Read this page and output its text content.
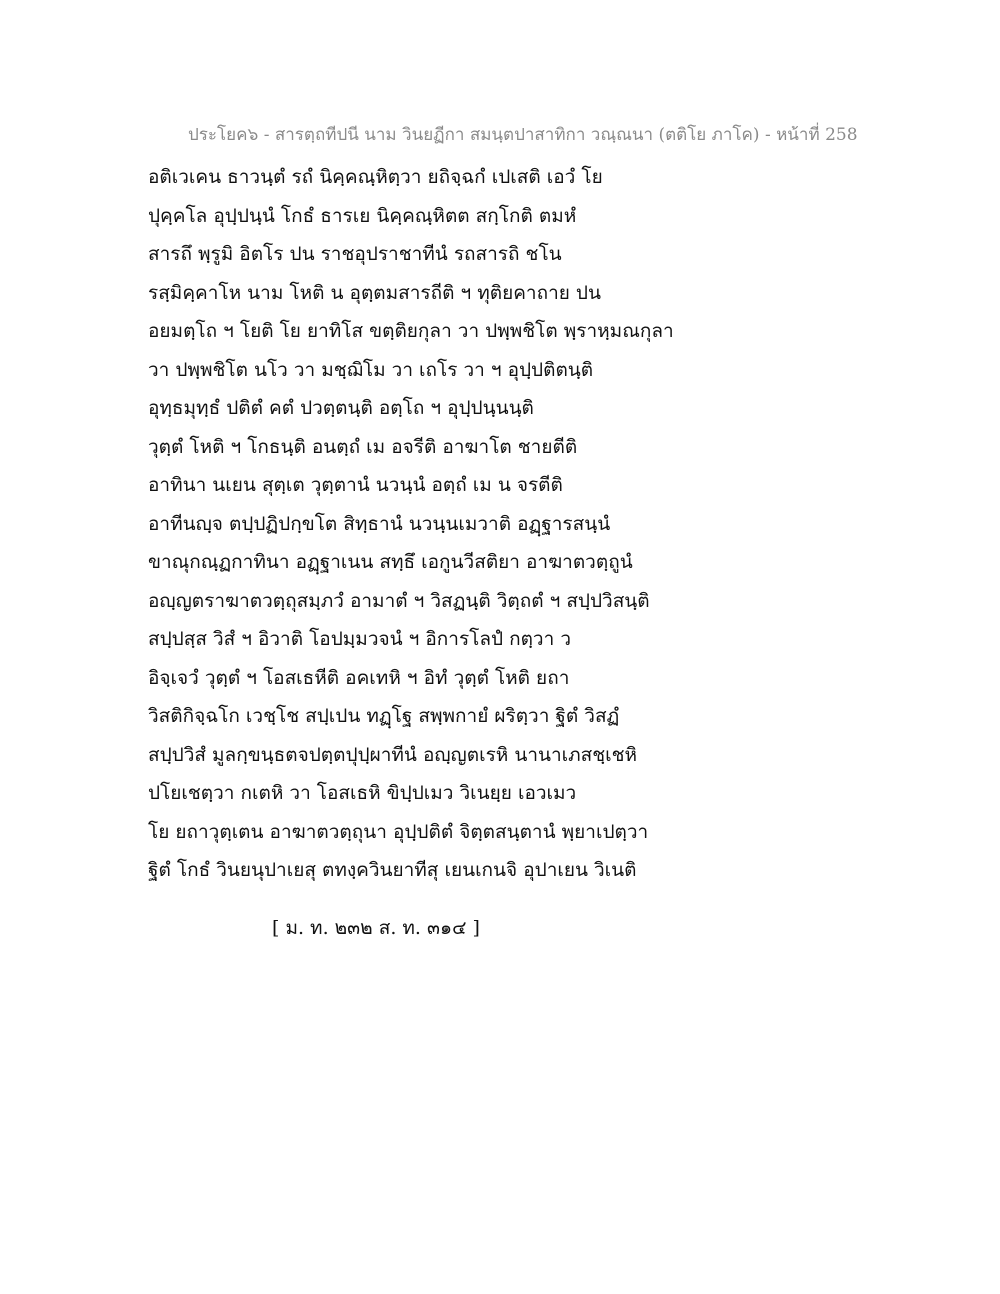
ประโยค๖ - สารตฺถทีปนี นาม วินยฏีกา สมนฺตปาสาทิกา วณฺณนา (ตติโย ภาโค) - หน้าที่ 258
อติเวเคน ธาวนฺตํ รถํ นิคฺคณฺหิตฺวา ยถิจฺฉกํ เปเสติ เอวํ โย
ปุคฺคโล อุปฺปนฺนํ โกธํ ธารเย นิคฺคณฺหิตต สกฺโกติ ตมหํ
สารถึ พฺรูมิ อิตโร ปน ราชอุปราชาทีนํ รถสารถิ ชโน
รสฺมิคฺคาโห นาม โหติ น อุตฺตมสารถีติ ฯ ทุติยคาถาย ปน
อยมตฺโถ ฯ โยติ โย ยาทิโส ขตฺติยกุลา วา ปพฺพชิโต พฺราหฺมณกุลา
วา ปพฺพชิโต นโว วา มชฺฌิโม วา เถโร วา ฯ อุปฺปติตนฺติ
อุทฺธมุทฺธํ ปติตํ คตํ ปวตฺตนฺติ อตฺโถ ฯ อุปฺปนฺนนฺติ
วุตฺตํ โหติ ฯ โกธนฺติ อนตฺถํ เม อจรีติ อาฆาโต ชายตีติ
อาทินา นเยน สุตฺเต วุตฺตานํ นวนฺนํ อตฺถํ เม น จรตีติ
อาทีนญฺจ ตปฺปฏิปกฺขโต สิทฺธานํ นวนฺนเมวาติ อฏฺฐารสนฺนํ
ขาณุกณฺฏกาทินา อฏฺฐาเนน สทฺธึ เอกูนวีสติยา อาฆาตวตฺถูนํ
อญฺญตราฆาตวตฺถุสมฺภวํ อามาตํ ฯ วิสฏนฺติ วิตฺถตํ ฯ สปฺปวิสนฺติ
สปฺปสฺส วิสํ ฯ อิวาติ โอปมฺมวจนํ ฯ อิการโลปํ กตฺวา ว
อิจฺเจวํ วุตฺตํ ฯ โอสเธหีติ อคเทหิ ฯ อิทํ วุตฺตํ โหติ ยถา
วิสติกิจฺฉโก เวชฺโช สปฺเปน ทฏฺโฐ สพฺพกายํ ผริตฺวา ฐิตํ วิสฏํ
สปฺปวิสํ มูลกฺขนฺธตจปตฺตปุปฺผาทีนํ อญฺญตเรหิ นานาเภสชฺเชหิ
ปโยเชตฺวา กเตหิ วา โอสเธหิ ขิปฺปเมว วิเนยฺย เอวเมว
โย ยถาวุตฺเตน อาฆาตวตฺถุนา อุปฺปติตํ จิตฺตสนฺตานํ พฺยาเปตฺวา
ฐิตํ โกธํ วินยนุปาเยสุ ตทงฺควินยาทีสุ เยนเกนจิ อุปาเยน วิเนติ
[ ม. ท. ๒๓๒ ส. ท. ๓๑๔ ]
